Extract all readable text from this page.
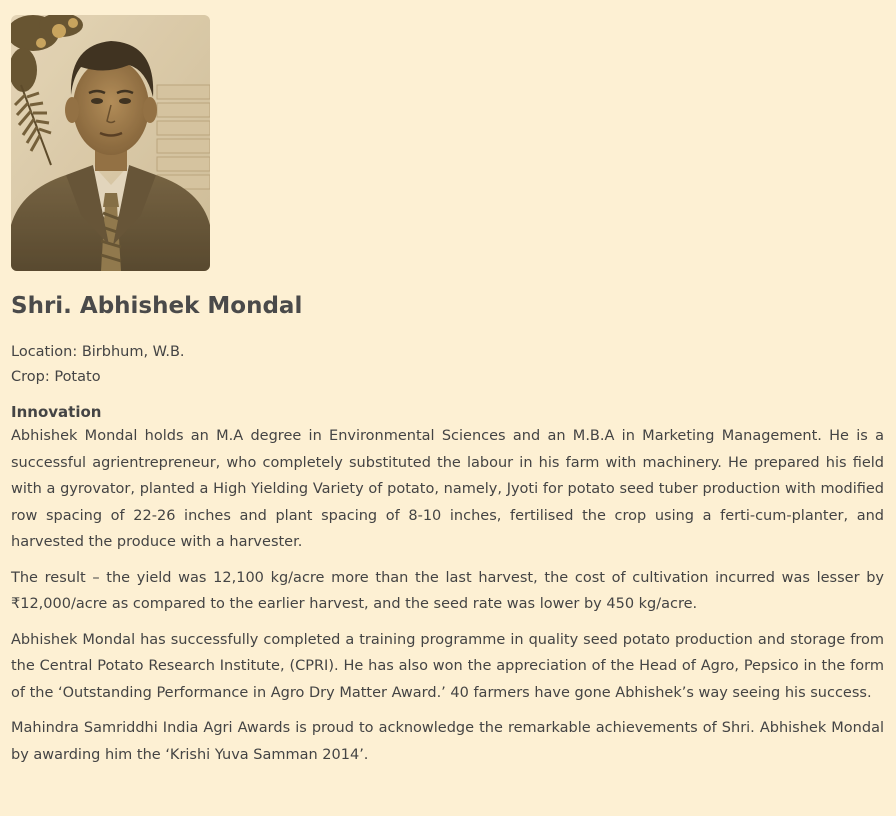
Shri. Abhishek Mondal
Location: Birbhum, W.B.
Crop: Potato
Innovation

Abhishek Mondal holds an M.A degree in Environmental Sciences and an M.B.A in Marketing Management. He is a successful agrientrepreneur, who completely substituted the labour in his farm with machinery. He prepared his field with a gyrovator, planted a High Yielding Variety of potato, namely, Jyoti for potato seed tuber production with modified row spacing of 22-26 inches and plant spacing of 8-10 inches, fertilised the crop using a ferti-cum-planter, and harvested the produce with a harvester.

The result – the yield was 12,100 kg/acre more than the last harvest, the cost of cultivation incurred was lesser by ₹12,000/acre as compared to the earlier harvest, and the seed rate was lower by 450 kg/acre.

Abhishek Mondal has successfully completed a training programme in quality seed potato production and storage from the Central Potato Research Institute, (CPRI). He has also won the appreciation of the Head of Agro, Pepsico in the form of the ‘Outstanding Performance in Agro Dry Matter Award.’ 40 farmers have gone Abhishek’s way seeing his success.

Mahindra Samriddhi India Agri Awards is proud to acknowledge the remarkable achievements of Shri. Abhishek Mondal by awarding him the ‘Krishi Yuva Samman 2014’.
